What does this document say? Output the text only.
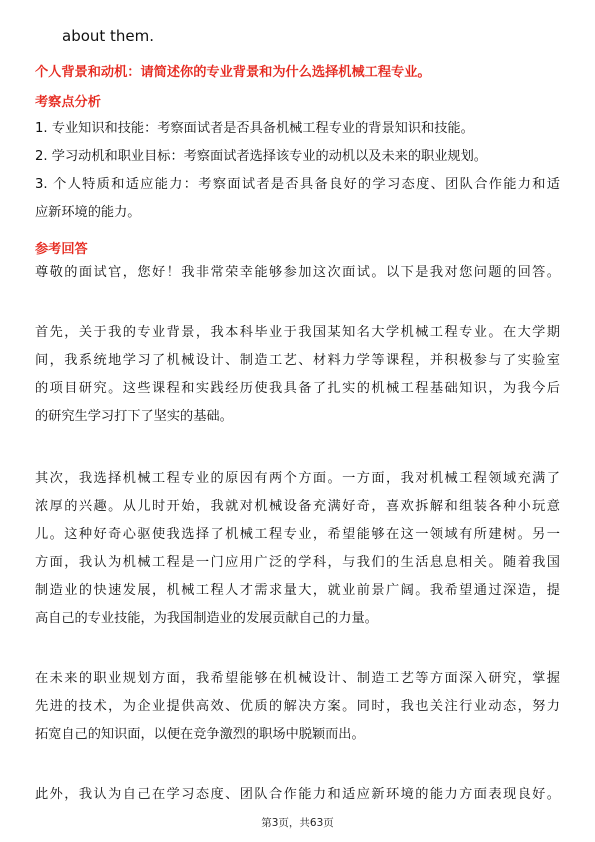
about them.
个人背景和动机：请简述你的专业背景和为什么选择机械工程专业。
考察点分析
1. 专业知识和技能：考察面试者是否具备机械工程专业的背景知识和技能。
2. 学习动机和职业目标：考察面试者选择该专业的动机以及未来的职业规划。
3. 个人特质和适应能力：考察面试者是否具备良好的学习态度、团队合作能力和适
应新环境的能力。
参考回答
尊敬的面试官，您好！我非常荣幸能够参加这次面试。以下是我对您问题的回答。
首先，关于我的专业背景，我本科毕业于我国某知名大学机械工程专业。在大学期
间，我系统地学习了机械设计、制造工艺、材料力学等课程，并积极参与了实验室
的项目研究。这些课程和实践经历使我具备了扎实的机械工程基础知识，为我今后
的研究生学习打下了坚实的基础。
其次，我选择机械工程专业的原因有两个方面。一方面，我对机械工程领域充满了
浓厚的兴趣。从儿时开始，我就对机械设备充满好奇，喜欢拆解和组装各种小玩意
儿。这种好奇心驱使我选择了机械工程专业，希望能够在这一领域有所建树。另一
方面，我认为机械工程是一门应用广泛的学科，与我们的生活息息相关。随着我国
制造业的快速发展，机械工程人才需求量大，就业前景广阔。我希望通过深造，提
高自己的专业技能，为我国制造业的发展贡献自己的力量。
在未来的职业规划方面，我希望能够在机械设计、制造工艺等方面深入研究，掌握
先进的技术，为企业提供高效、优质的解决方案。同时，我也关注行业动态，努力
拓宽自己的知识面，以便在竞争激烈的职场中脱颖而出。
此外，我认为自己在学习态度、团队合作能力和适应新环境的能力方面表现良好。
第3页，共63页
